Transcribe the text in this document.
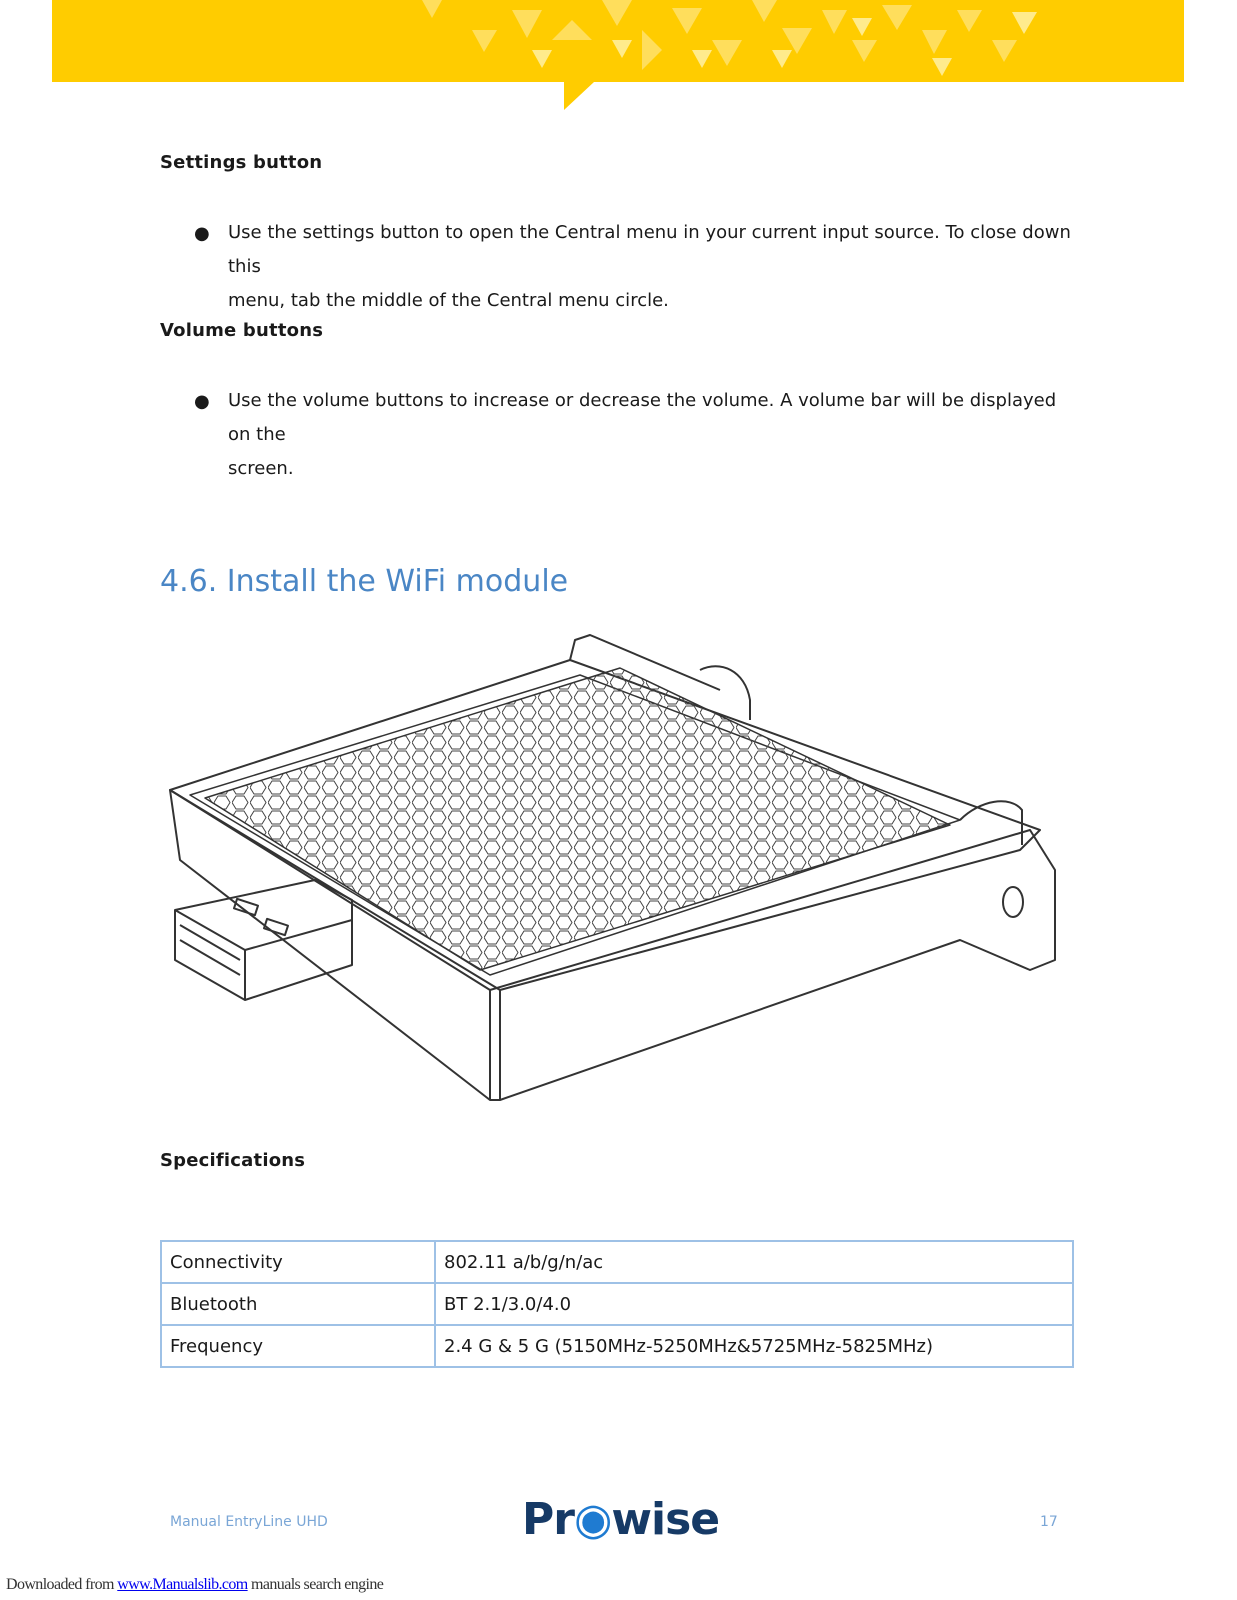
Settings button
● Use the settings button to open the Central menu in your current input source. To close down this
menu, tab the middle of the Central menu circle.
Volume buttons
● Use the volume buttons to increase or decrease the volume. A volume bar will be displayed on the
screen.
4.6. Install the WiFi module
Specifications
Connectivity	802.11 a/b/g/n/ac
Bluetooth	BT 2.1/3.0/4.0
Frequency	2.4 G & 5 G (5150MHz-5250MHz&5725MHz-5825MHz)
Manual EntryLine UHD	Pr◉wise	17
Downloaded from www.Manualslib.com manuals search engine
